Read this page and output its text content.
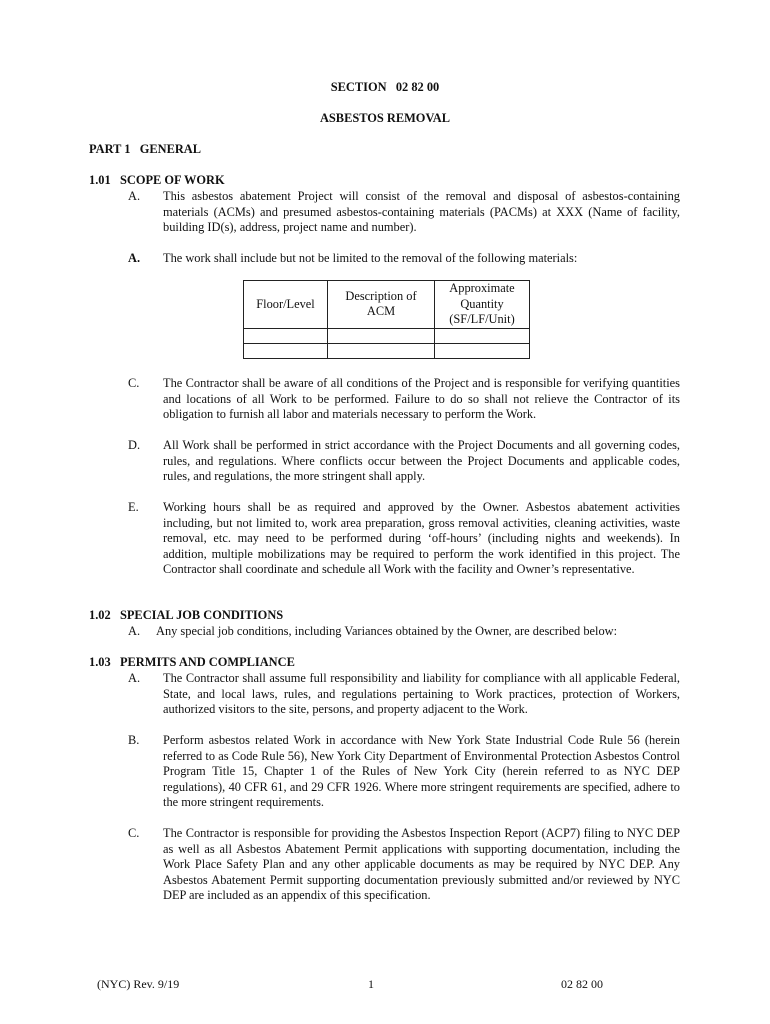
SECTION   02 82 00
ASBESTOS REMOVAL
PART 1   GENERAL
1.01   SCOPE OF WORK
A. This asbestos abatement Project will consist of the removal and disposal of asbestos-containing materials (ACMs) and presumed asbestos-containing materials (PACMs) at XXX (Name of facility, building ID(s), address, project name and number).
A. The work shall include but not be limited to the removal of the following materials:
Floor/Level	Description of ACM	Approximate Quantity (SF/LF/Unit)

C. The Contractor shall be aware of all conditions of the Project and is responsible for verifying quantities and locations of all Work to be performed. Failure to do so shall not relieve the Contractor of its obligation to furnish all labor and materials necessary to perform the Work.
D. All Work shall be performed in strict accordance with the Project Documents and all governing codes, rules, and regulations. Where conflicts occur between the Project Documents and applicable codes, rules, and regulations, the more stringent shall apply.
E. Working hours shall be as required and approved by the Owner. Asbestos abatement activities including, but not limited to, work area preparation, gross removal activities, cleaning activities, waste removal, etc. may need to be performed during ‘off-hours’ (including nights and weekends). In addition, multiple mobilizations may be required to perform the work identified in this project. The Contractor shall coordinate and schedule all Work with the facility and Owner’s representative.
1.02   SPECIAL JOB CONDITIONS
A. Any special job conditions, including Variances obtained by the Owner, are described below:
1.03   PERMITS AND COMPLIANCE
A. The Contractor shall assume full responsibility and liability for compliance with all applicable Federal, State, and local laws, rules, and regulations pertaining to Work practices, protection of Workers, authorized visitors to the site, persons, and property adjacent to the Work.
B. Perform asbestos related Work in accordance with New York State Industrial Code Rule 56 (herein referred to as Code Rule 56), New York City Department of Environmental Protection Asbestos Control Program Title 15, Chapter 1 of the Rules of New York City (herein referred to as NYC DEP regulations), 40 CFR 61, and 29 CFR 1926. Where more stringent requirements are specified, adhere to the more stringent requirements.
C. The Contractor is responsible for providing the Asbestos Inspection Report (ACP7) filing to NYC DEP as well as all Asbestos Abatement Permit applications with supporting documentation, including the Work Place Safety Plan and any other applicable documents as may be required by NYC DEP. Any Asbestos Abatement Permit supporting documentation previously submitted and/or reviewed by NYC DEP are included as an appendix of this specification.
(NYC) Rev. 9/19	1	02 82 00
